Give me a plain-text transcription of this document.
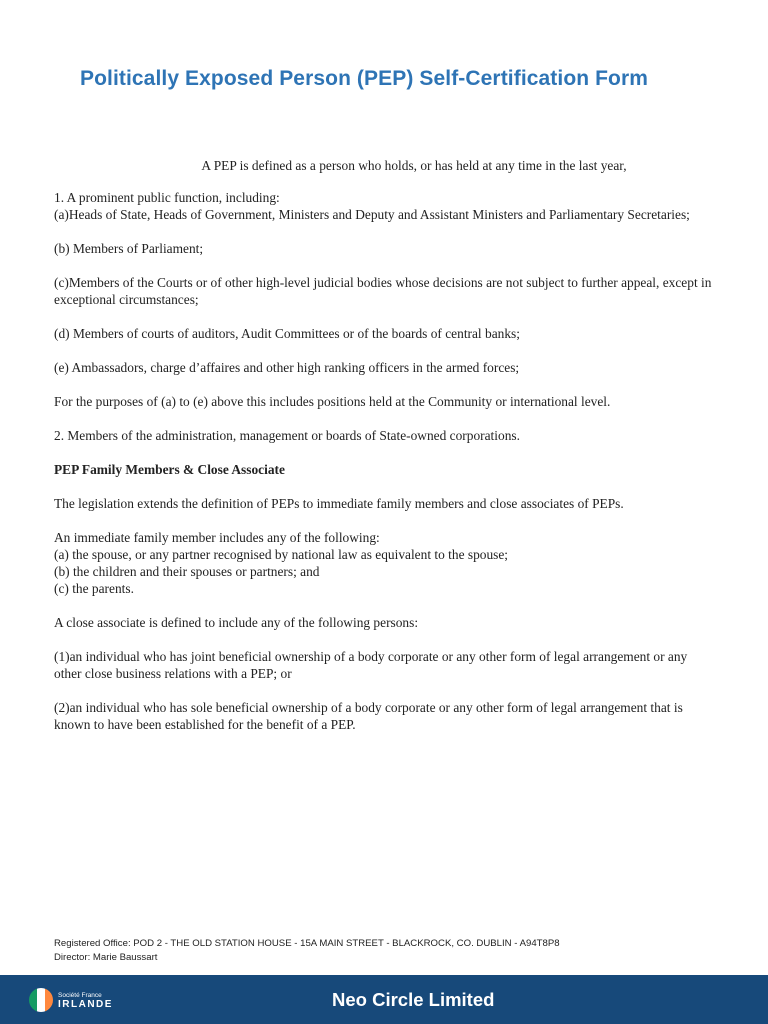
Politically Exposed Person (PEP) Self-Certification Form

A PEP is defined as a person who holds, or has held at any time in the last year,

1. A prominent public function, including:

(a)Heads of State, Heads of Government, Ministers and Deputy and Assistant Ministers and Parliamentary Secretaries;

(b) Members of Parliament;

(c)Members of the Courts or of other high-level judicial bodies whose decisions are not subject to further appeal, except in exceptional circumstances;

(d) Members of courts of auditors, Audit Committees or of the boards of central banks;

(e) Ambassadors, charge d’affaires and other high ranking officers in the armed forces;

For the purposes of (a) to (e) above this includes positions held at the Community or international level.

2. Members of the administration, management or boards of State-owned corporations.

PEP Family Members & Close Associate

The legislation extends the definition of PEPs to immediate family members and close associates of PEPs.

An immediate family member includes any of the following:

(a) the spouse, or any partner recognised by national law as equivalent to the spouse;

(b) the children and their spouses or partners; and

(c) the parents.

A close associate is defined to include any of the following persons:

(1)an individual who has joint beneficial ownership of a body corporate or any other form of legal arrangement or any other close business relations with a PEP; or

(2)an individual who has sole beneficial ownership of a body corporate or any other form of legal arrangement that is known to have been established for the benefit of a PEP.

Registered Office: POD 2 - THE OLD STATION HOUSE - 15A MAIN STREET - BLACKROCK, CO. DUBLIN - A94T8P8
Director: Marie Baussart
Société France
IRLANDE	Neo Circle Limited
